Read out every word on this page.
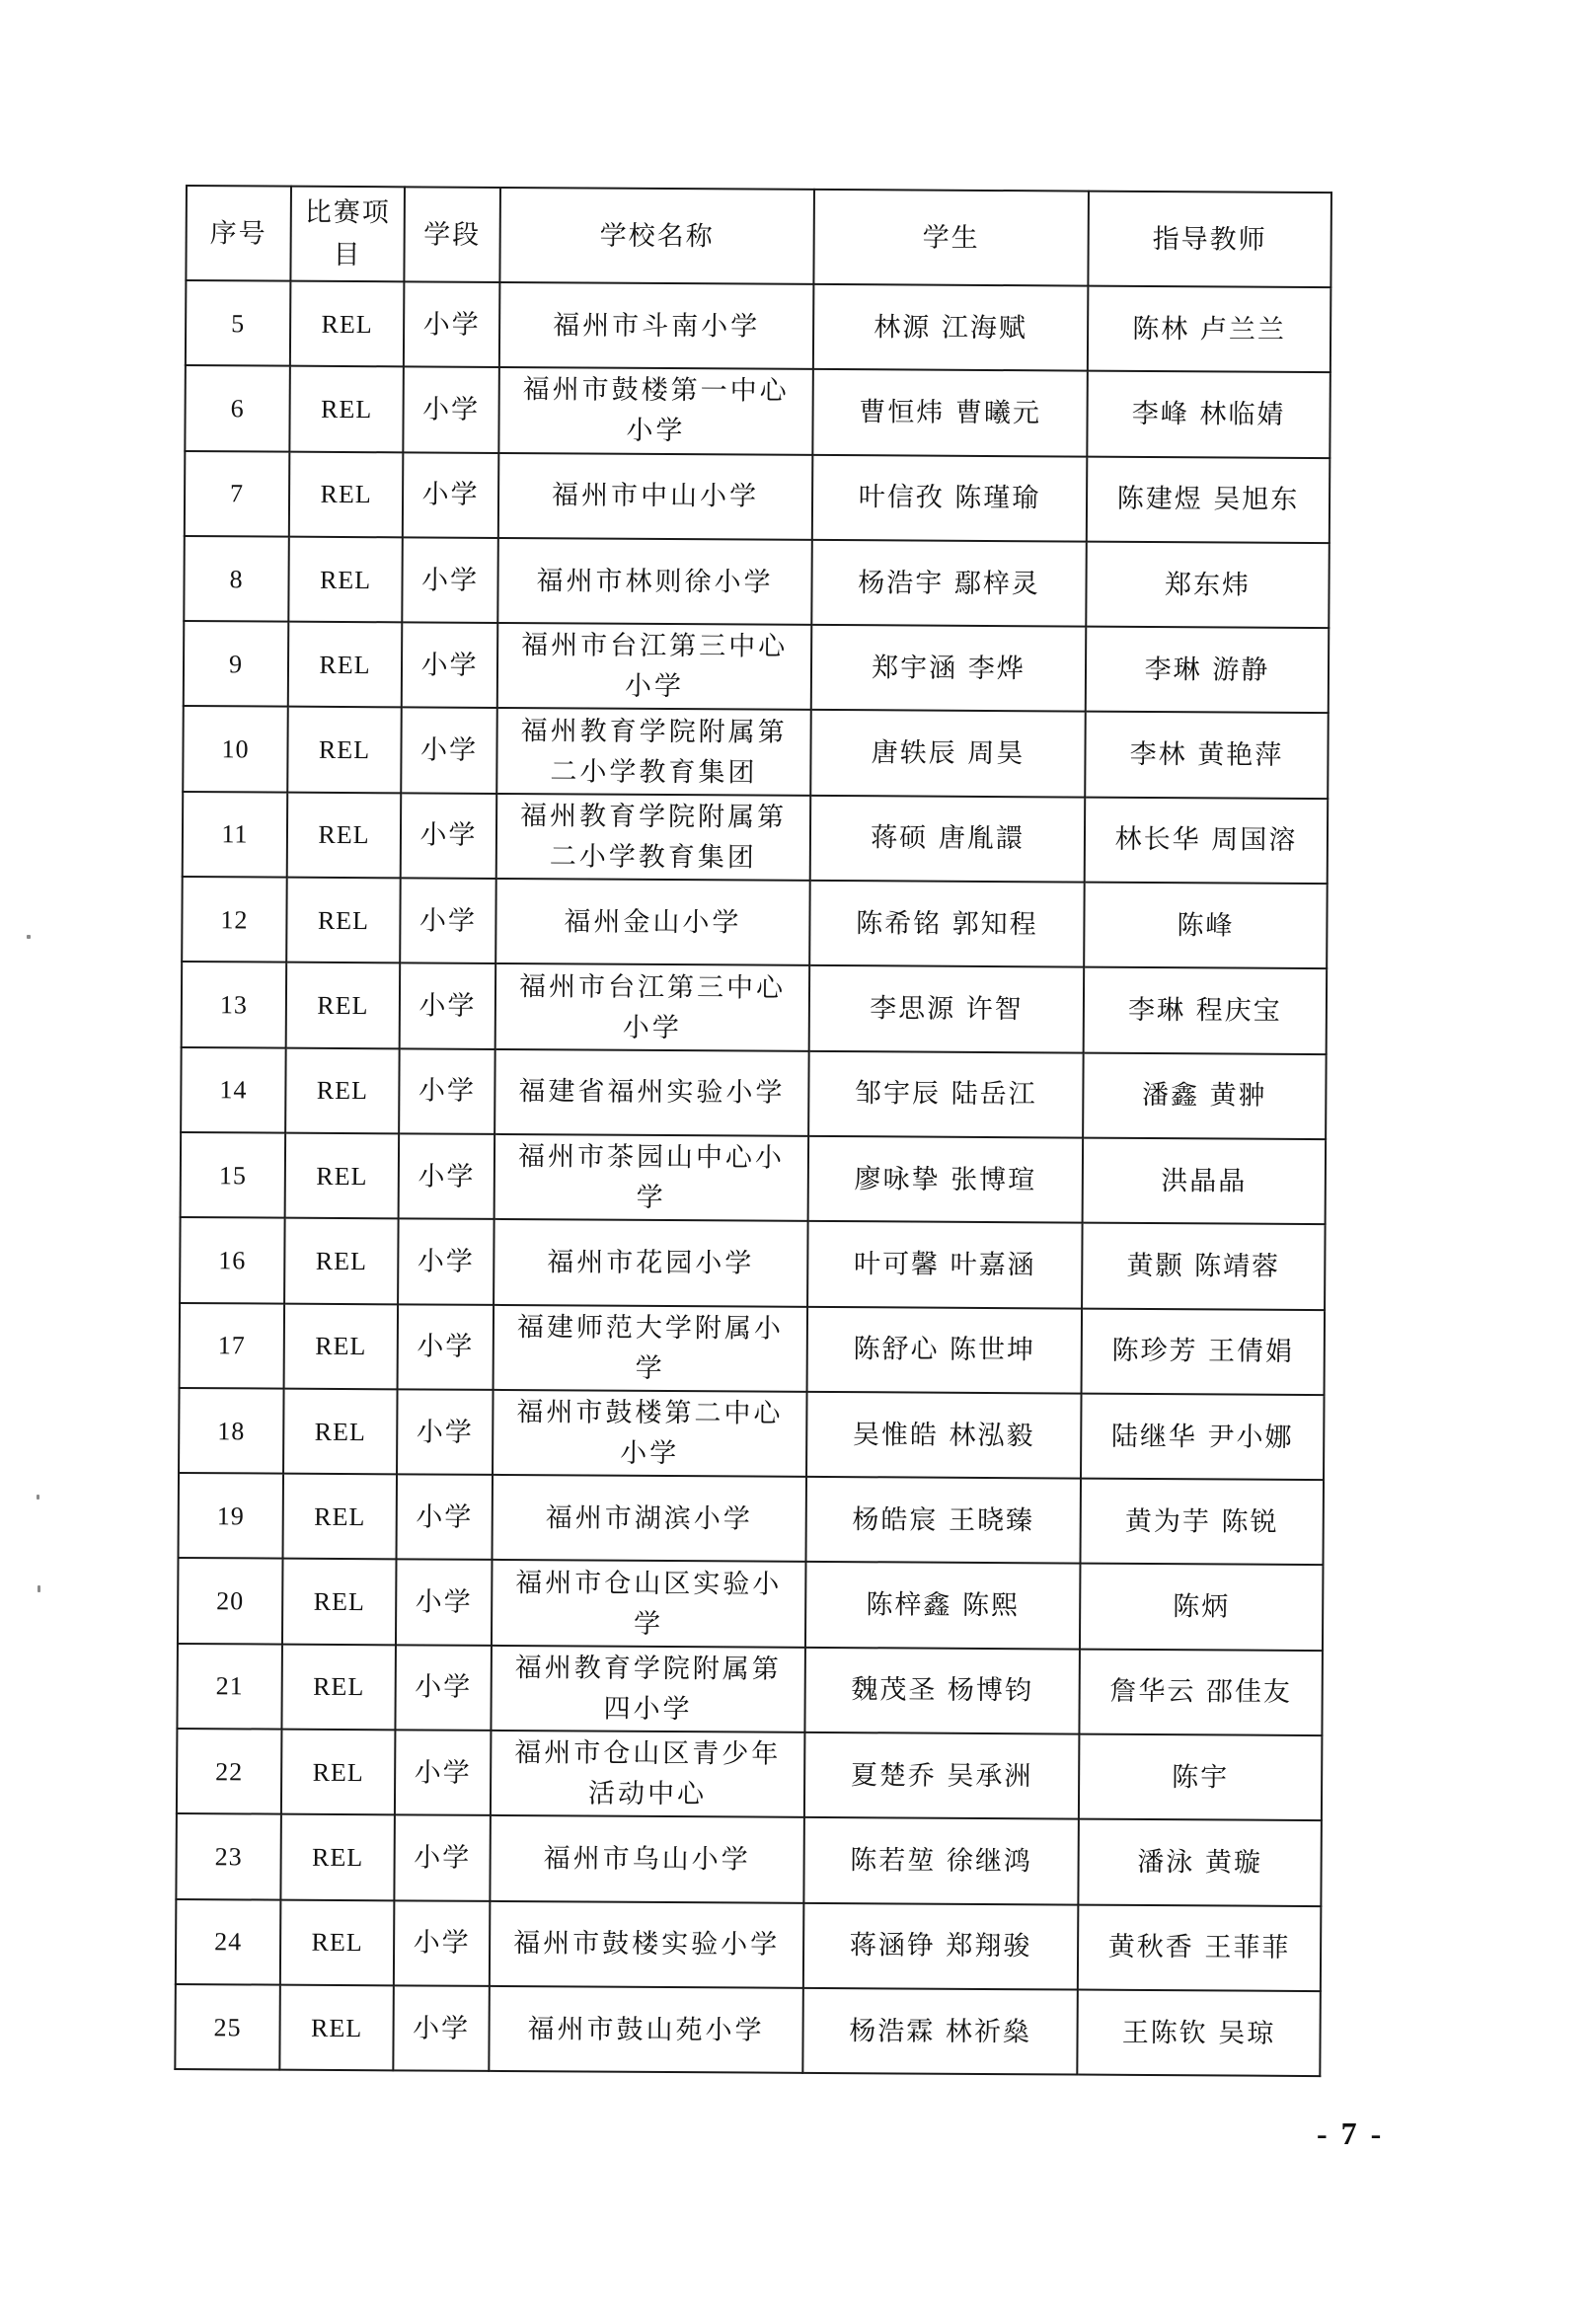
序号	比赛项目	学段	学校名称	学生	指导教师
5	REL	小学	福州市斗南小学	林源 江海赋	陈林 卢兰兰
6	REL	小学	福州市鼓楼第一中心小学	曹恒炜 曹曦元	李峰 林临婧
7	REL	小学	福州市中山小学	叶信孜 陈瑾瑜	陈建煜 吴旭东
8	REL	小学	福州市林则徐小学	杨浩宇 鄢梓灵	郑东炜
9	REL	小学	福州市台江第三中心小学	郑宇涵 李烨	李琳 游静
10	REL	小学	福州教育学院附属第二小学教育集团	唐轶辰 周昊	李林 黄艳萍
11	REL	小学	福州教育学院附属第二小学教育集团	蒋硕 唐胤譞	林长华 周国溶
12	REL	小学	福州金山小学	陈希铭 郭知程	陈峰
13	REL	小学	福州市台江第三中心小学	李思源 许智	李琳 程庆宝
14	REL	小学	福建省福州实验小学	邹宇辰 陆岳江	潘鑫 黄翀
15	REL	小学	福州市茶园山中心小学	廖咏挚 张博瑄	洪晶晶
16	REL	小学	福州市花园小学	叶可馨 叶嘉涵	黄颢 陈靖蓉
17	REL	小学	福建师范大学附属小学	陈舒心 陈世坤	陈珍芳 王倩娟
18	REL	小学	福州市鼓楼第二中心小学	吴惟皓 林泓毅	陆继华 尹小娜
19	REL	小学	福州市湖滨小学	杨皓宸 王晓臻	黄为芋 陈锐
20	REL	小学	福州市仓山区实验小学	陈梓鑫 陈熙	陈炳
21	REL	小学	福州教育学院附属第四小学	魏茂圣 杨博钧	詹华云 邵佳友
22	REL	小学	福州市仓山区青少年活动中心	夏楚乔 吴承洲	陈宇
23	REL	小学	福州市乌山小学	陈若堃 徐继鸿	潘泳 黄璇
24	REL	小学	福州市鼓楼实验小学	蒋涵铮 郑翔骏	黄秋香 王菲菲
25	REL	小学	福州市鼓山苑小学	杨浩霖 林祈燊	王陈钦 吴琼
- 7 -
